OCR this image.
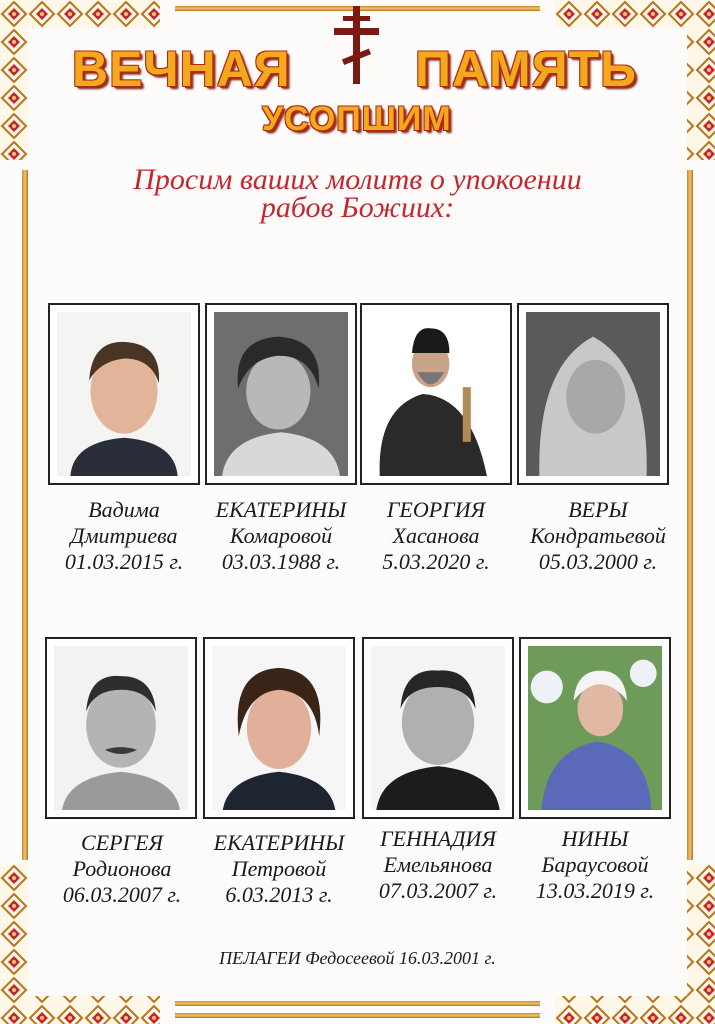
ВЕЧНАЯ ПАМЯТЬ
УСОПШИМ
Просим ваших молитв о упокоении
рабов Божиих:
Вадима
Дмитриева
01.03.2015 г.
ЕКАТЕРИНЫ
Комаровой
03.03.1988 г.
ГЕОРГИЯ
Хасанова
5.03.2020 г.
ВЕРЫ
Кондратьевой
05.03.2000 г.
СЕРГЕЯ
Родионова
06.03.2007 г.
ЕКАТЕРИНЫ
Петровой
6.03.2013 г.
ГЕННАДИЯ
Емельянова
07.03.2007 г.
НИНЫ
Бараусовой
13.03.2019 г.
ПЕЛАГЕИ Федосеевой 16.03.2001 г.
